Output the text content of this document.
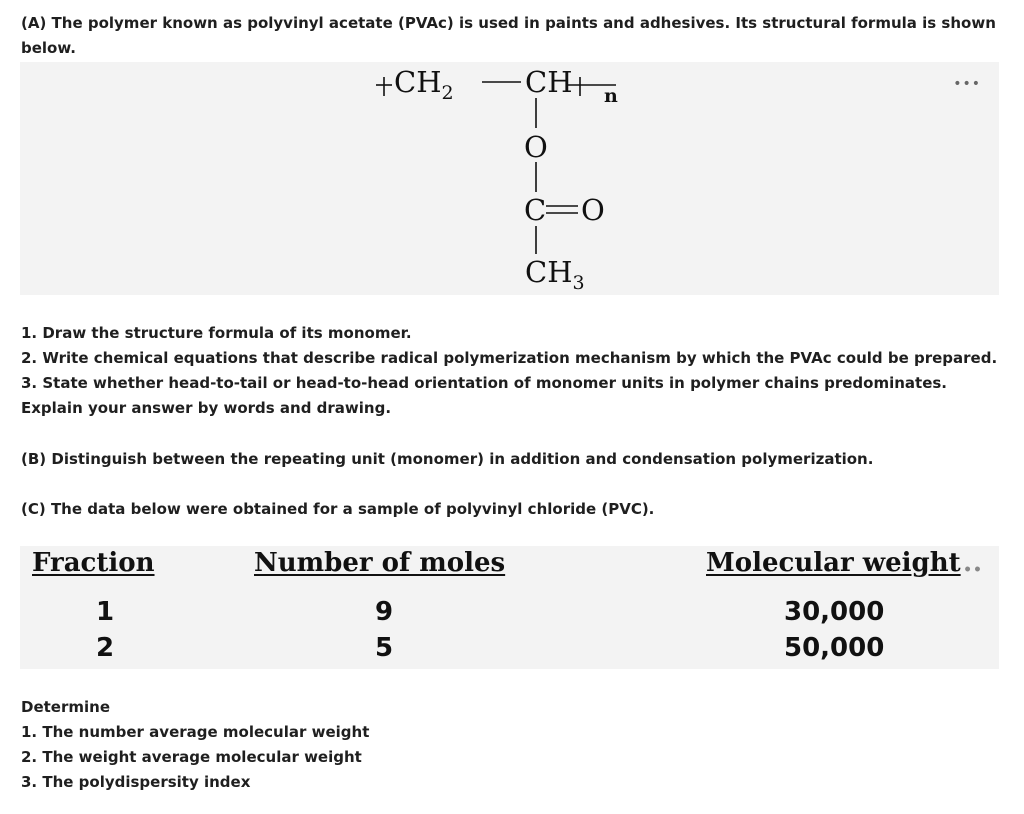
(A) The polymer known as polyvinyl acetate (PVAc) is used in paints and adhesives. Its structural formula is shown below.

$CH_2$ CH n
O
C O
$CH_3$
•••
1. Draw the structure formula of its monomer.
2. Write chemical equations that describe radical polymerization mechanism by which the PVAc could be prepared.
3. State whether head-to-tail or head-to-head orientation of monomer units in polymer chains predominates. Explain your answer by words and drawing.
(B) Distinguish between the repeating unit (monomer) in addition and condensation polymerization.
(C) The data below were obtained for a sample of polyvinyl chloride (PVC).
Fraction	Number of moles	Molecular weight ••
1	9	30,000
2	5	50,000
Determine
1. The number average molecular weight
2. The weight average molecular weight
3. The polydispersity index
